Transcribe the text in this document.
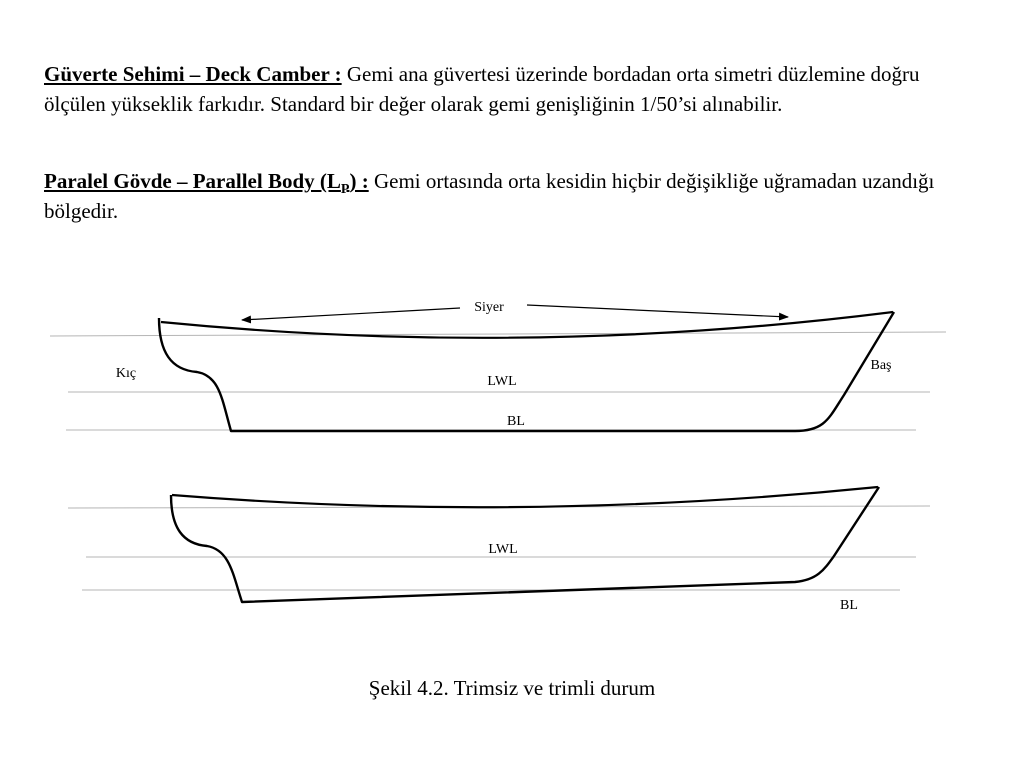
Güverte Sehimi – Deck Camber : Gemi ana güvertesi üzerinde bordadan orta simetri düzlemine doğru ölçülen yükseklik farkıdır. Standard bir değer olarak gemi genişliğinin 1/50’si alınabilir.

Paralel Gövde – Parallel Body $(L_P)$ : Gemi ortasında orta kesidin hiçbir değişikliğe uğramadan uzandığı bölgedir.

Siyer
Kıç
Baş
LWL
BL
LWL
BL
Şekil 4.2. Trimsiz ve trimli durum
